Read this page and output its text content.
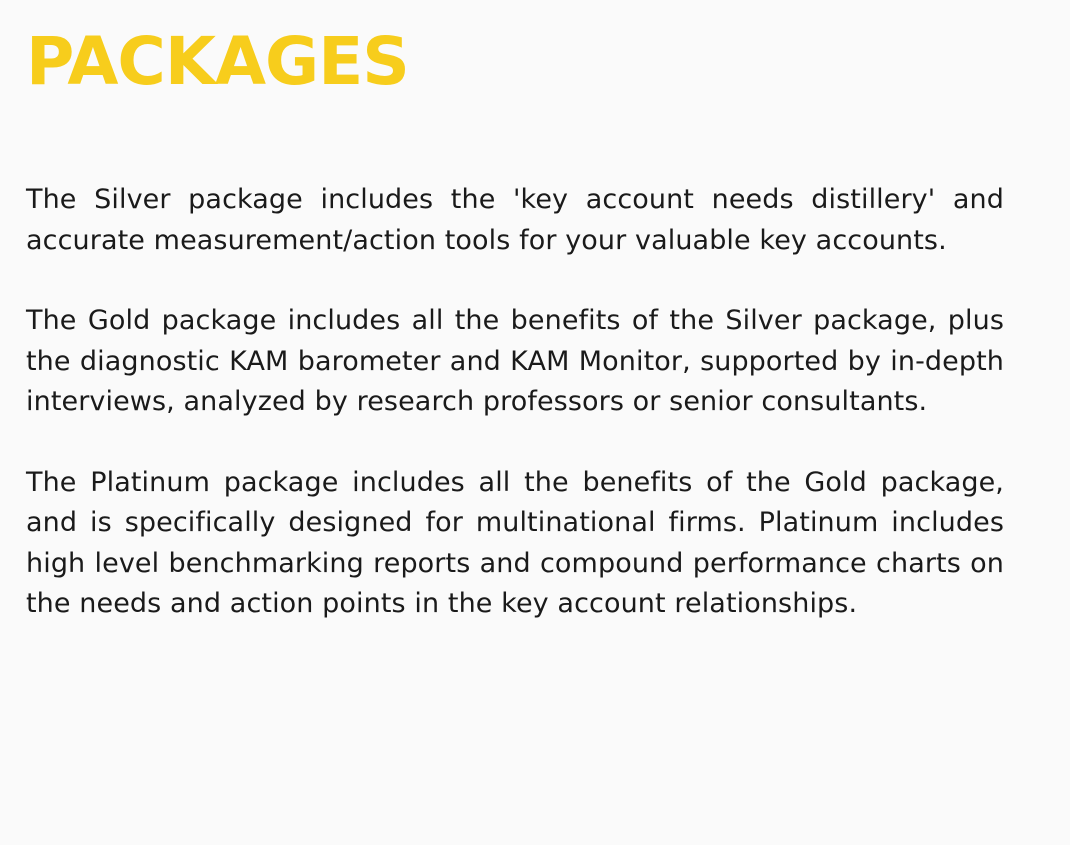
PACKAGES

The Silver package includes the 'key account needs distillery' and accurate measurement/action tools for your valuable key accounts.

The Gold package includes all the benefits of the Silver package, plus the diagnostic KAM barometer and KAM Monitor, supported by in-depth interviews, analyzed by research professors or senior consultants.

The Platinum package includes all the benefits of the Gold package, and is specifically designed for multinational firms. Platinum includes high level benchmarking reports and compound performance charts on the needs and action points in the key account relationships.
